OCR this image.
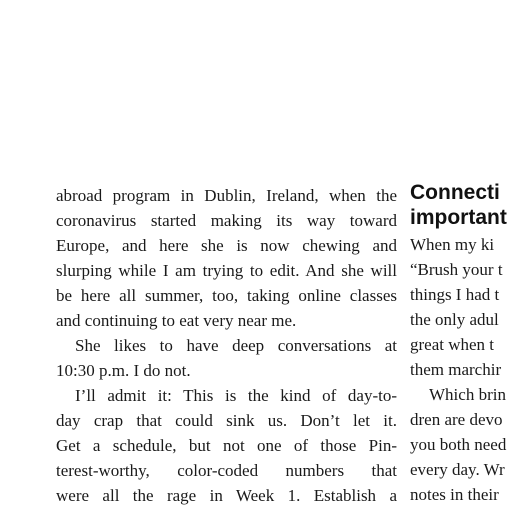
abroad program in Dublin, Ireland, when the
coronavirus started making its way toward
Europe, and here she is now chewing and
slurping while I am trying to edit. And she will
be here all summer, too, taking online classes
and continuing to eat very near me.

She likes to have deep conversations at
10:30 p.m. I do not.

I’ll admit it: This is the kind of day-to-
day crap that could sink us. Don’t let it.
Get a schedule, but not one of those Pin-
terest-worthy, color-coded numbers that
were all the rage in Week 1. Establish a

Connecti
important
When my ki
“Brush your t
things I had t
the only adul
great when t
them marchir
Which brin
dren are devo
you both need
every day. Wr
notes in their
